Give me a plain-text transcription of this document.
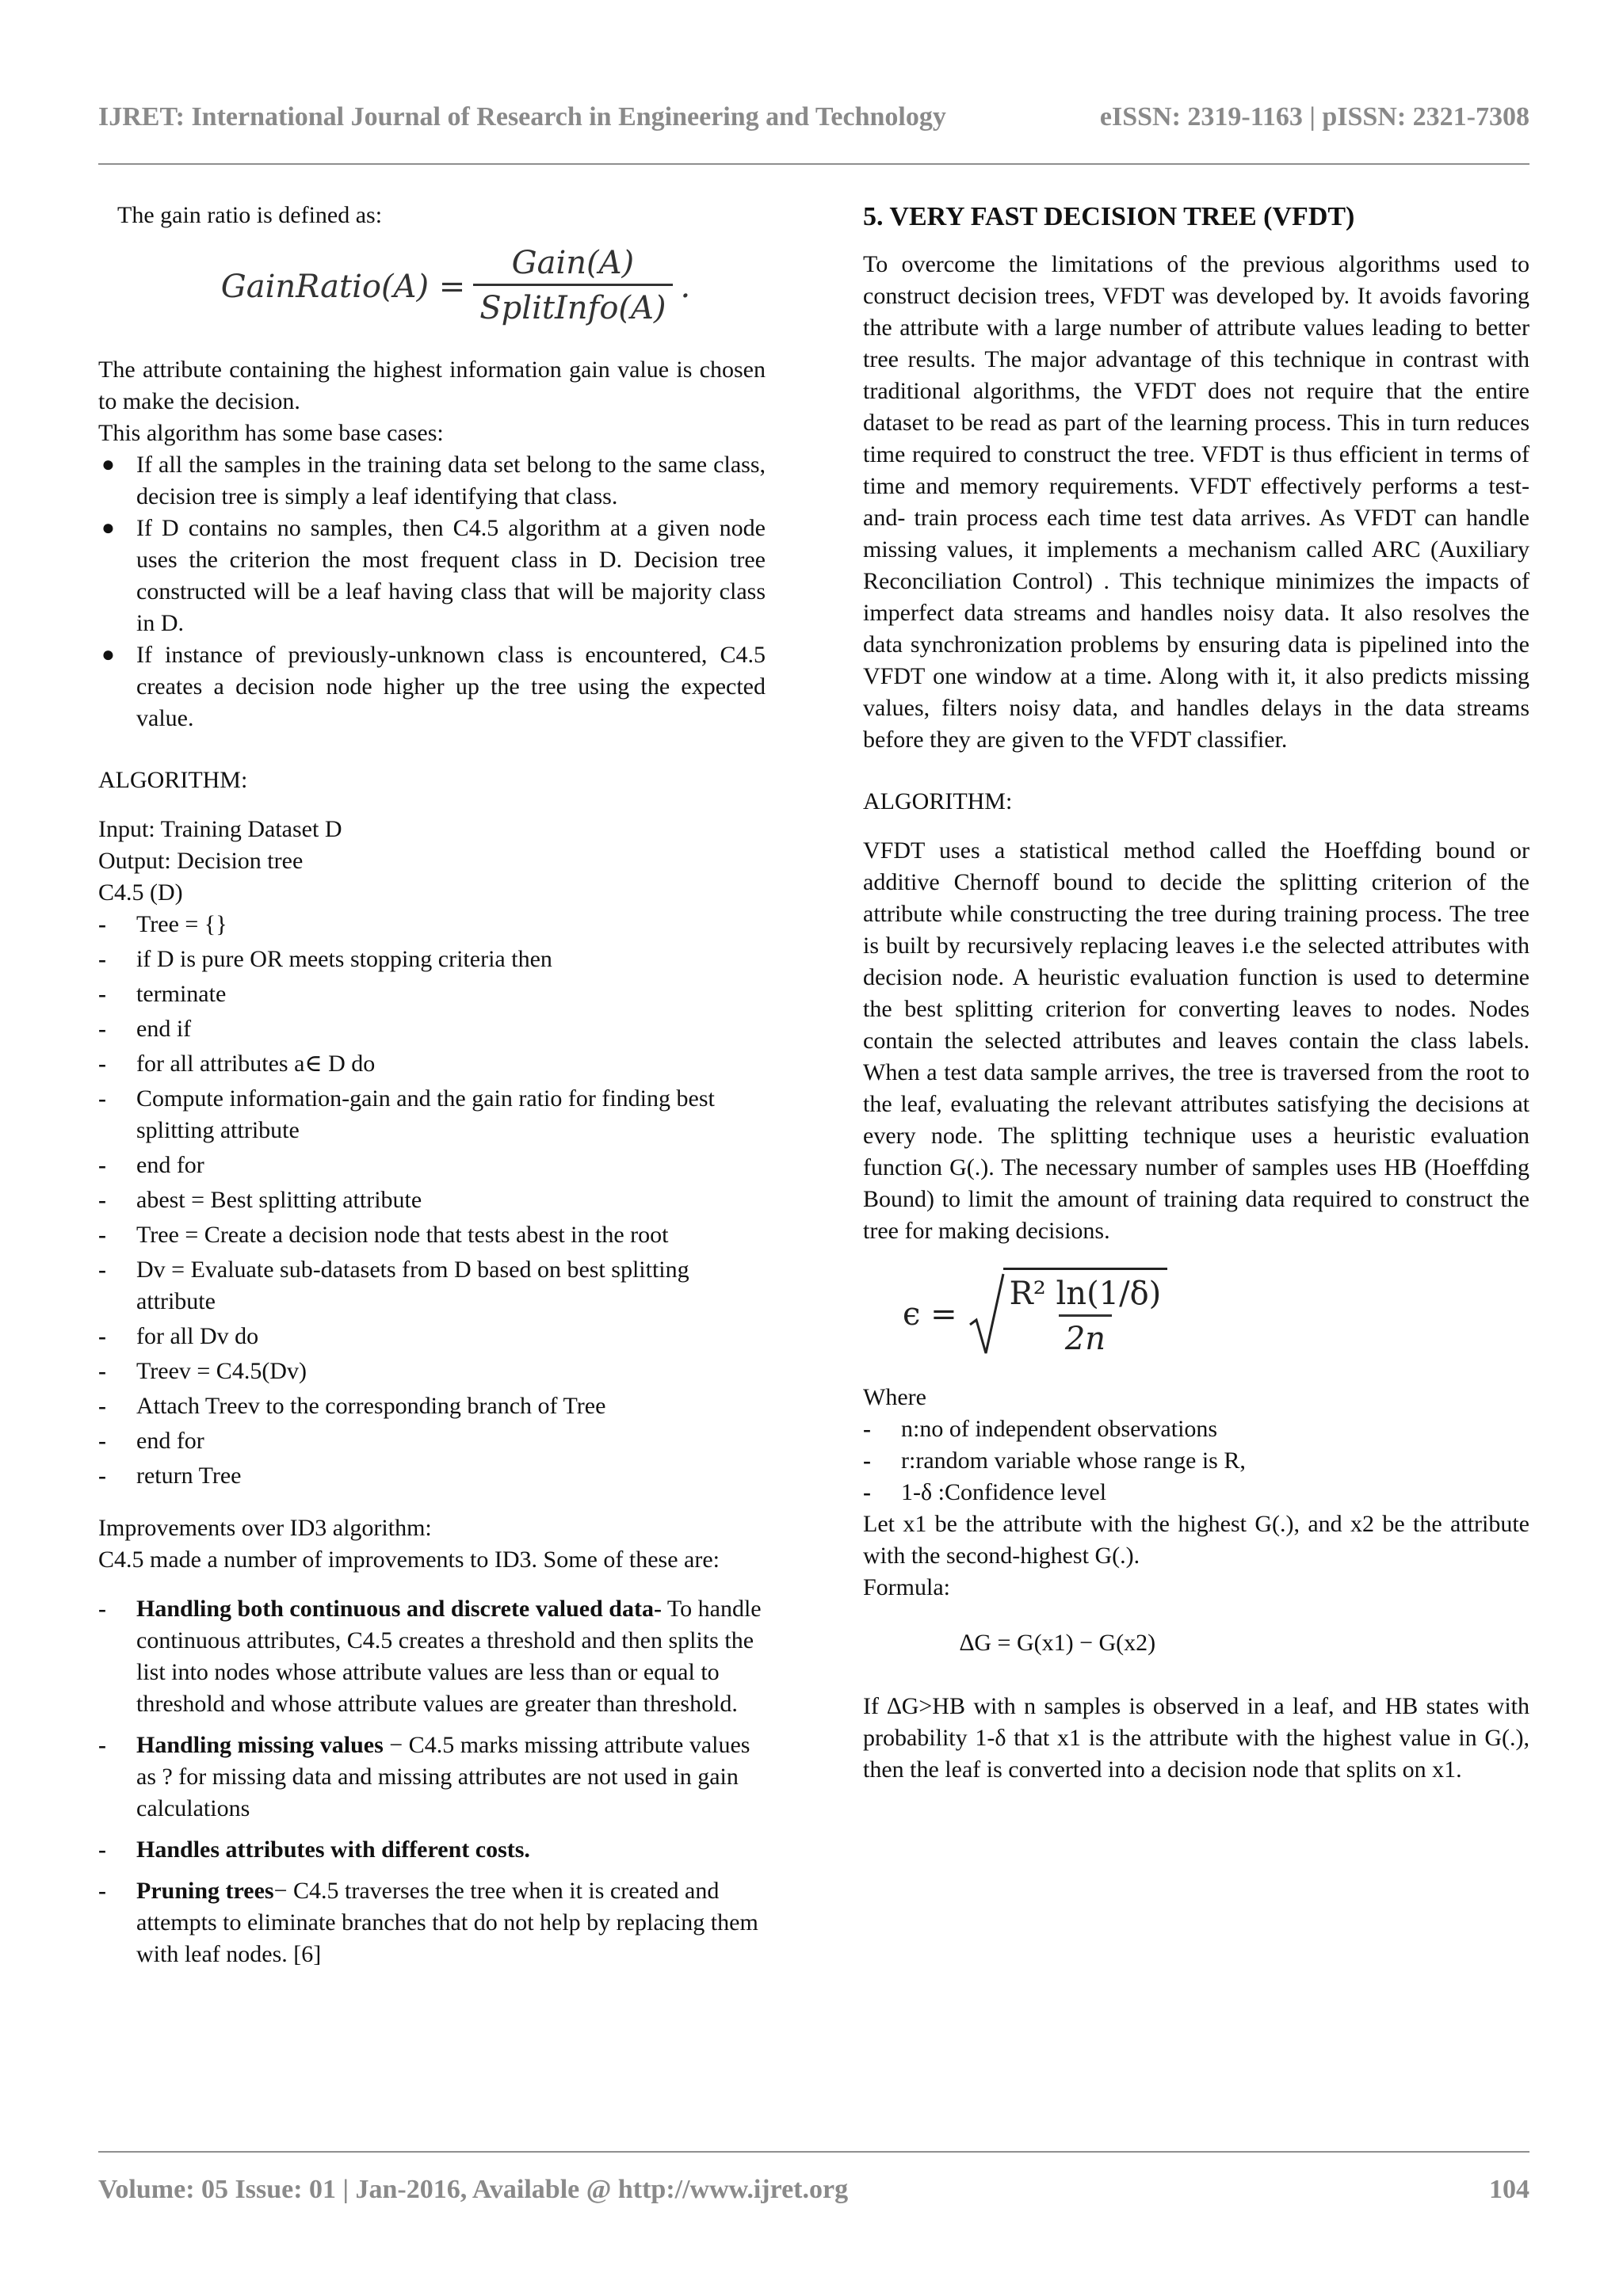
IJRET: International Journal of Research in Engineering and Technology	eISSN: 2319-1163 | pISSN: 2321-7308

The gain ratio is defined as:

GainRatio(A) = $\frac{\text{Gain(A)}}{\text{SplitInfo(A)}}$ .

The attribute containing the highest information gain value is chosen to make the decision.

This algorithm has some base cases:

● If all the samples in the training data set belong to the same class, decision tree is simply a leaf identifying that class.
● If D contains no samples, then C4.5 algorithm at a given node uses the criterion the most frequent class in D. Decision tree constructed will be a leaf having class that will be majority class in D.
● If instance of previously-unknown class is encountered, C4.5 creates a decision node higher up the tree using the expected value.

ALGORITHM:

Input: Training Dataset D

Output: Decision tree

C4.5 (D)

- Tree = {}
- if D is pure OR meets stopping criteria then
- terminate
- end if
- for all attributes a∈ D do
- Compute information-gain and the gain ratio for finding best splitting attribute
- end for
- abest = Best splitting attribute
- Tree = Create a decision node that tests abest in the root
- Dv = Evaluate sub-datasets from D based on best splitting attribute
- for all Dv do
- Treev = C4.5(Dv)
- Attach Treev to the corresponding branch of Tree
- end for
- return Tree

Improvements over ID3 algorithm:

C4.5 made a number of improvements to ID3. Some of these are:

- Handling both continuous and discrete valued data- To handle continuous attributes, C4.5 creates a threshold and then splits the list into nodes whose attribute values are less than or equal to threshold and whose attribute values are greater than threshold.
- Handling missing values − C4.5 marks missing attribute values as ? for missing data and missing attributes are not used in gain calculations
- Handles attributes with different costs.
- Pruning trees− C4.5 traverses the tree when it is created and attempts to eliminate branches that do not help by replacing them with leaf nodes. [6]
5. VERY FAST DECISION TREE (VFDT)

To overcome the limitations of the previous algorithms used to construct decision trees, VFDT was developed by. It avoids favoring the attribute with a large number of attribute values leading to better tree results. The major advantage of this technique in contrast with traditional algorithms, the VFDT does not require that the entire dataset to be read as part of the learning process. This in turn reduces time required to construct the tree. VFDT is thus efficient in terms of time and memory requirements. VFDT effectively performs a test-and- train process each time test data arrives. As VFDT can handle missing values, it implements a mechanism called ARC (Auxiliary Reconciliation Control) . This technique minimizes the impacts of imperfect data streams and handles noisy data. It also resolves the data synchronization problems by ensuring data is pipelined into the VFDT one window at a time. Along with it, it also predicts missing values, filters noisy data, and handles delays in the data streams before they are given to the VFDT classifier.

ALGORITHM:

VFDT uses a statistical method called the Hoeffding bound or additive Chernoff bound to decide the splitting criterion of the attribute while constructing the tree during training process. The tree is built by recursively replacing leaves i.e the selected attributes with decision node. A heuristic evaluation function is used to determine the best splitting criterion for converting leaves to nodes. Nodes contain the selected attributes and leaves contain the class labels. When a test data sample arrives, the tree is traversed from the root to the leaf, evaluating the relevant attributes satisfying the decisions at every node. The splitting technique uses a heuristic evaluation function G(.). The necessary number of samples uses HB (Hoeffding Bound) to limit the amount of training data required to construct the tree for making decisions.

$\epsilon = \frac{\text{R² ln(1/δ)}}{2n}$

Where

- n:no of independent observations
- r:random variable whose range is R,
- 1-δ :Confidence level

Let x1 be the attribute with the highest G(.), and x2 be the attribute with the second-highest G(.).

Formula:

∆G = G(x1) − G(x2)

If ∆G>HB with n samples is observed in a leaf, and HB states with probability 1-δ that x1 is the attribute with the highest value in G(.), then the leaf is converted into a decision node that splits on x1.

Volume: 05 Issue: 01 | Jan-2016, Available @ http://www.ijret.org	104
